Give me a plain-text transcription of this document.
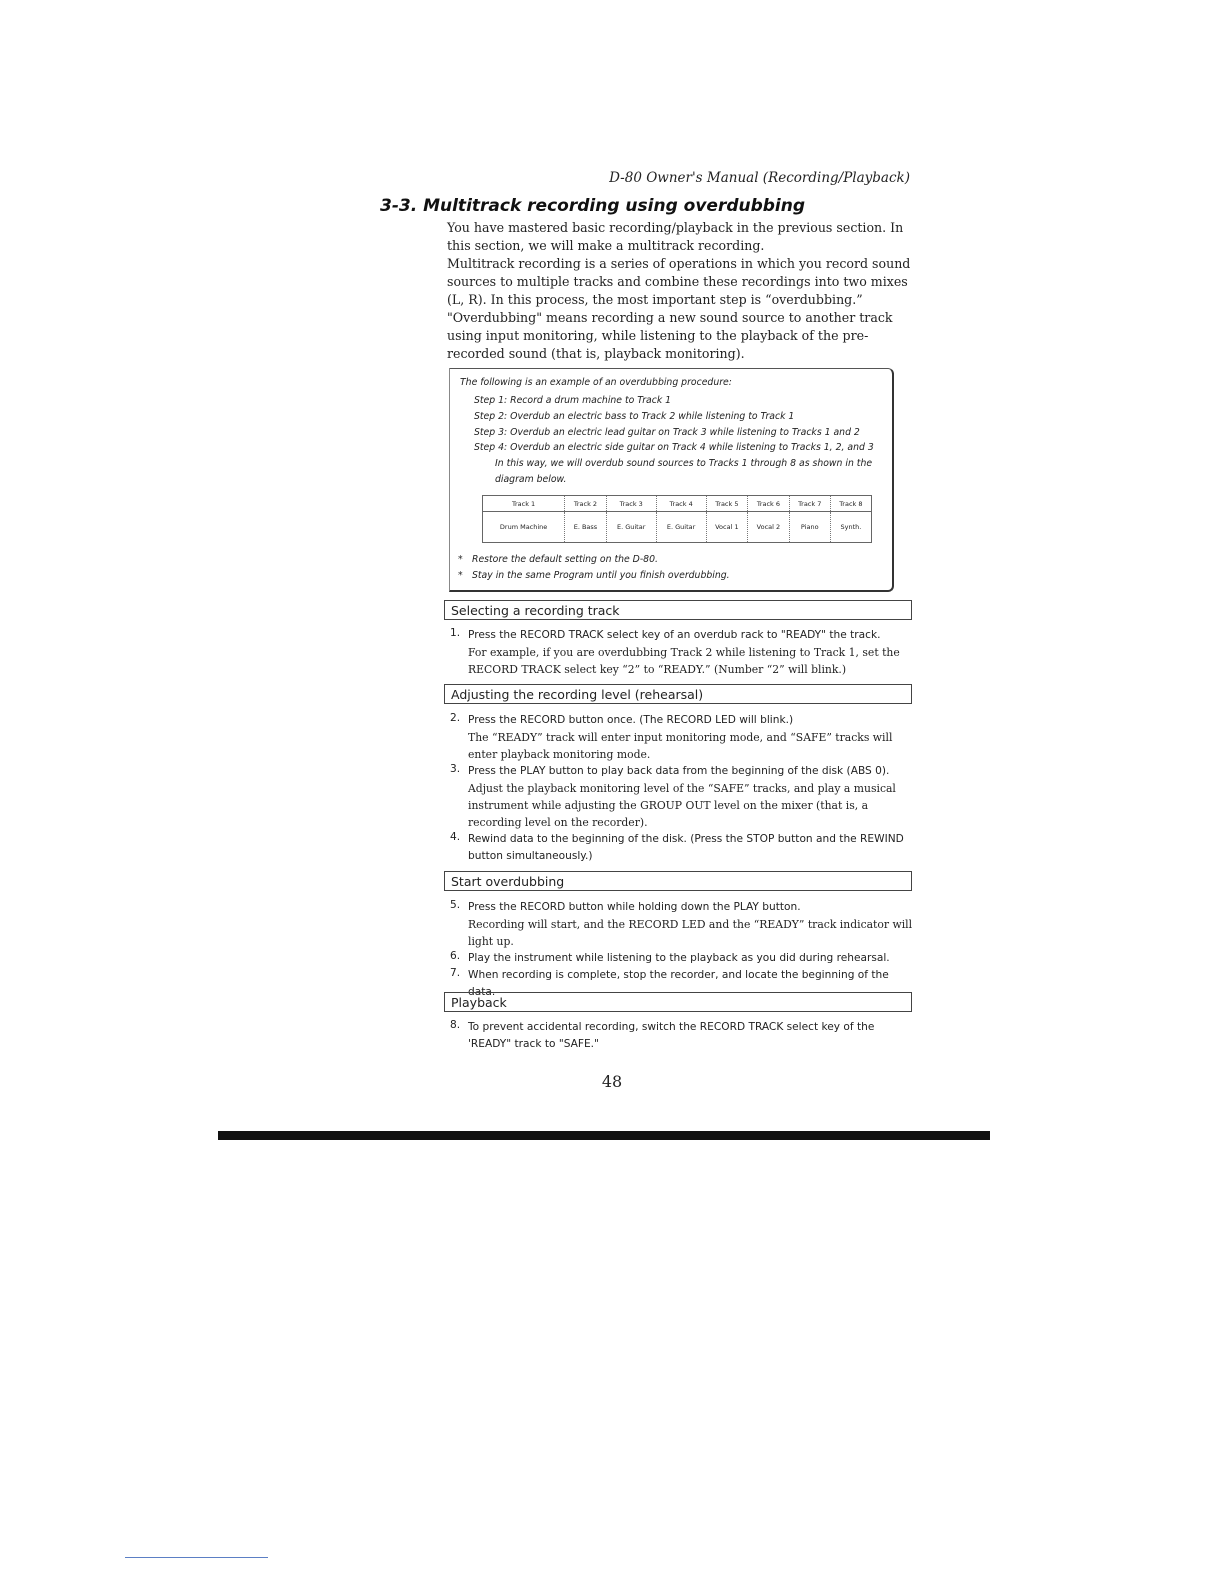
D-80 Owner's Manual (Recording/Playback)
3-3. Multitrack recording using overdubbing

You have mastered basic recording/playback in the previous section. In this section, we will make a multitrack recording.

Multitrack recording is a series of operations in which you record sound sources to multiple tracks and combine these recordings into two mixes (L, R). In this process, the most important step is “overdubbing.” "Overdubbing" means recording a new sound source to another track using input monitoring, while listening to the playback of the pre-recorded sound (that is, playback monitoring).

The following is an example of an overdubbing procedure:
Step 1: Record a drum machine to Track 1
Step 2: Overdub an electric bass to Track 2 while listening to Track 1
Step 3: Overdub an electric lead guitar on Track 3 while listening to Tracks 1 and 2
Step 4: Overdub an electric side guitar on Track 4 while listening to Tracks 1, 2, and 3
In this way, we will overdub sound sources to Tracks 1 through 8 as shown in the diagram below.
Track 1	Track 2	Track 3	Track 4	Track 5	Track 6	Track 7	Track 8
Drum Machine	E. Bass	E. Guitar	E. Guitar	Vocal 1	Vocal 2	Piano	Synth.
* Restore the default setting on the D-80.
* Stay in the same Program until you finish overdubbing.
Selecting a recording track
1. Press the RECORD TRACK select key of an overdub rack to "READY" the track.
For example, if you are overdubbing Track 2 while listening to Track 1, set the RECORD TRACK select key “2” to “READY.” (Number “2” will blink.)
Adjusting the recording level (rehearsal)
2. Press the RECORD button once. (The RECORD LED will blink.)
The “READY” track will enter input monitoring mode, and “SAFE” tracks will enter playback monitoring mode.
3. Press the PLAY button to play back data from the beginning of the disk (ABS 0).
Adjust the playback monitoring level of the “SAFE” tracks, and play a musical instrument while adjusting the GROUP OUT level on the mixer (that is, a recording level on the recorder).
4. Rewind data to the beginning of the disk. (Press the STOP button and the REWIND button simultaneously.)
Start overdubbing
5. Press the RECORD button while holding down the PLAY button.
Recording will start, and the RECORD LED and the “READY” track indicator will light up.
6. Play the instrument while listening to the playback as you did during rehearsal.
7. When recording is complete, stop the recorder, and locate the beginning of the data.
Playback
8. To prevent accidental recording, switch the RECORD TRACK select key of the 'READY" track to "SAFE."
48
